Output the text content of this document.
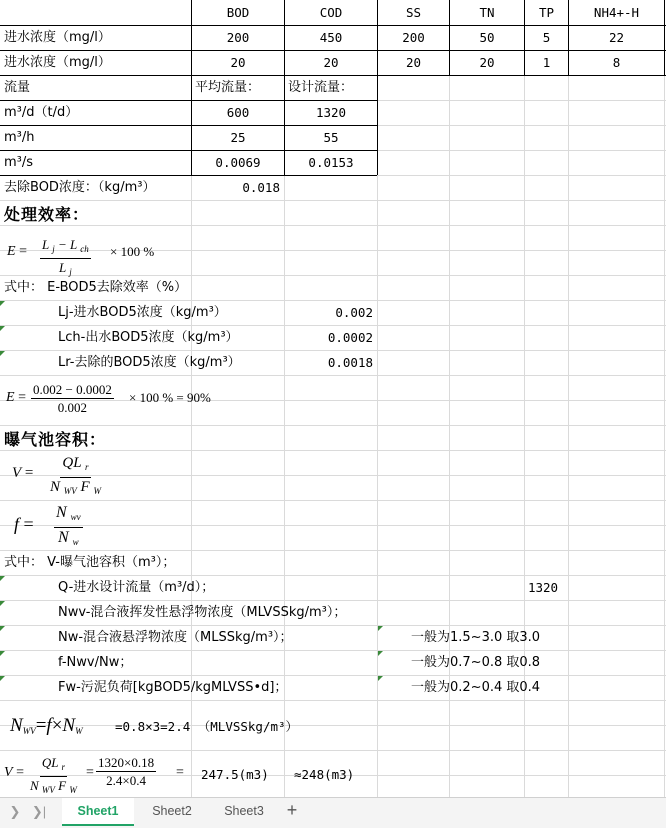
BOD	COD	SS	TN	TP	NH4+-H
进水浓度（mg/l）	200	450	200	50	5	22
进水浓度（mg/l）	20	20	20	20	1	8
流量	平均流量： 设计流量：
m³/d（t/d）	600	1320
m³/h	25	55
m³/s	0.0069	0.0153
去除BOD浓度：（kg/m³）	0.018
处理效率：
$E = \frac{L _j - L _{ch}}{L _j} \times 100$ %
式中： E-BOD5去除效率（%）
Lj-进水BOD5浓度（kg/m³）	0.002
Lch-出水BOD5浓度（kg/m³）	0.0002
Lr-去除的BOD5浓度（kg/m³）	0.0018
$E = \frac{0.002 - 0.0002}{0.002} \times 100$ % = 90%
曝气池容积：
$V = \frac{QL _r}{N _{WV} F _W}$
$f = \frac{N _{wv}}{N _w}$
式中： V-曝气池容积（m³）；
Q-进水设计流量（m³/d）；	1320
Nwv-混合液挥发性悬浮物浓度（MLVSSkg/m³）；
Nw-混合液悬浮物浓度（MLSSkg/m³）；	一般为1.5~3.0 取3.0
f-Nwv/Nw；	一般为0.7~0.8 取0.8
Fw-污泥负荷[kgBOD5/kgMLVSS•d]；	一般为0.2~0.4 取0.4
$N_{WV}=f\times N_W$	=0.8×3=2.4 （MLVSSkg/m³）
$V = \frac{QL _r}{N _{WV} F _W} = \frac{1320\times 0.18}{2.4\times 0.4} = 247.5(m3) \approx 248(m3)$
❯ ❯|	Sheet1	Sheet2	Sheet3	+
